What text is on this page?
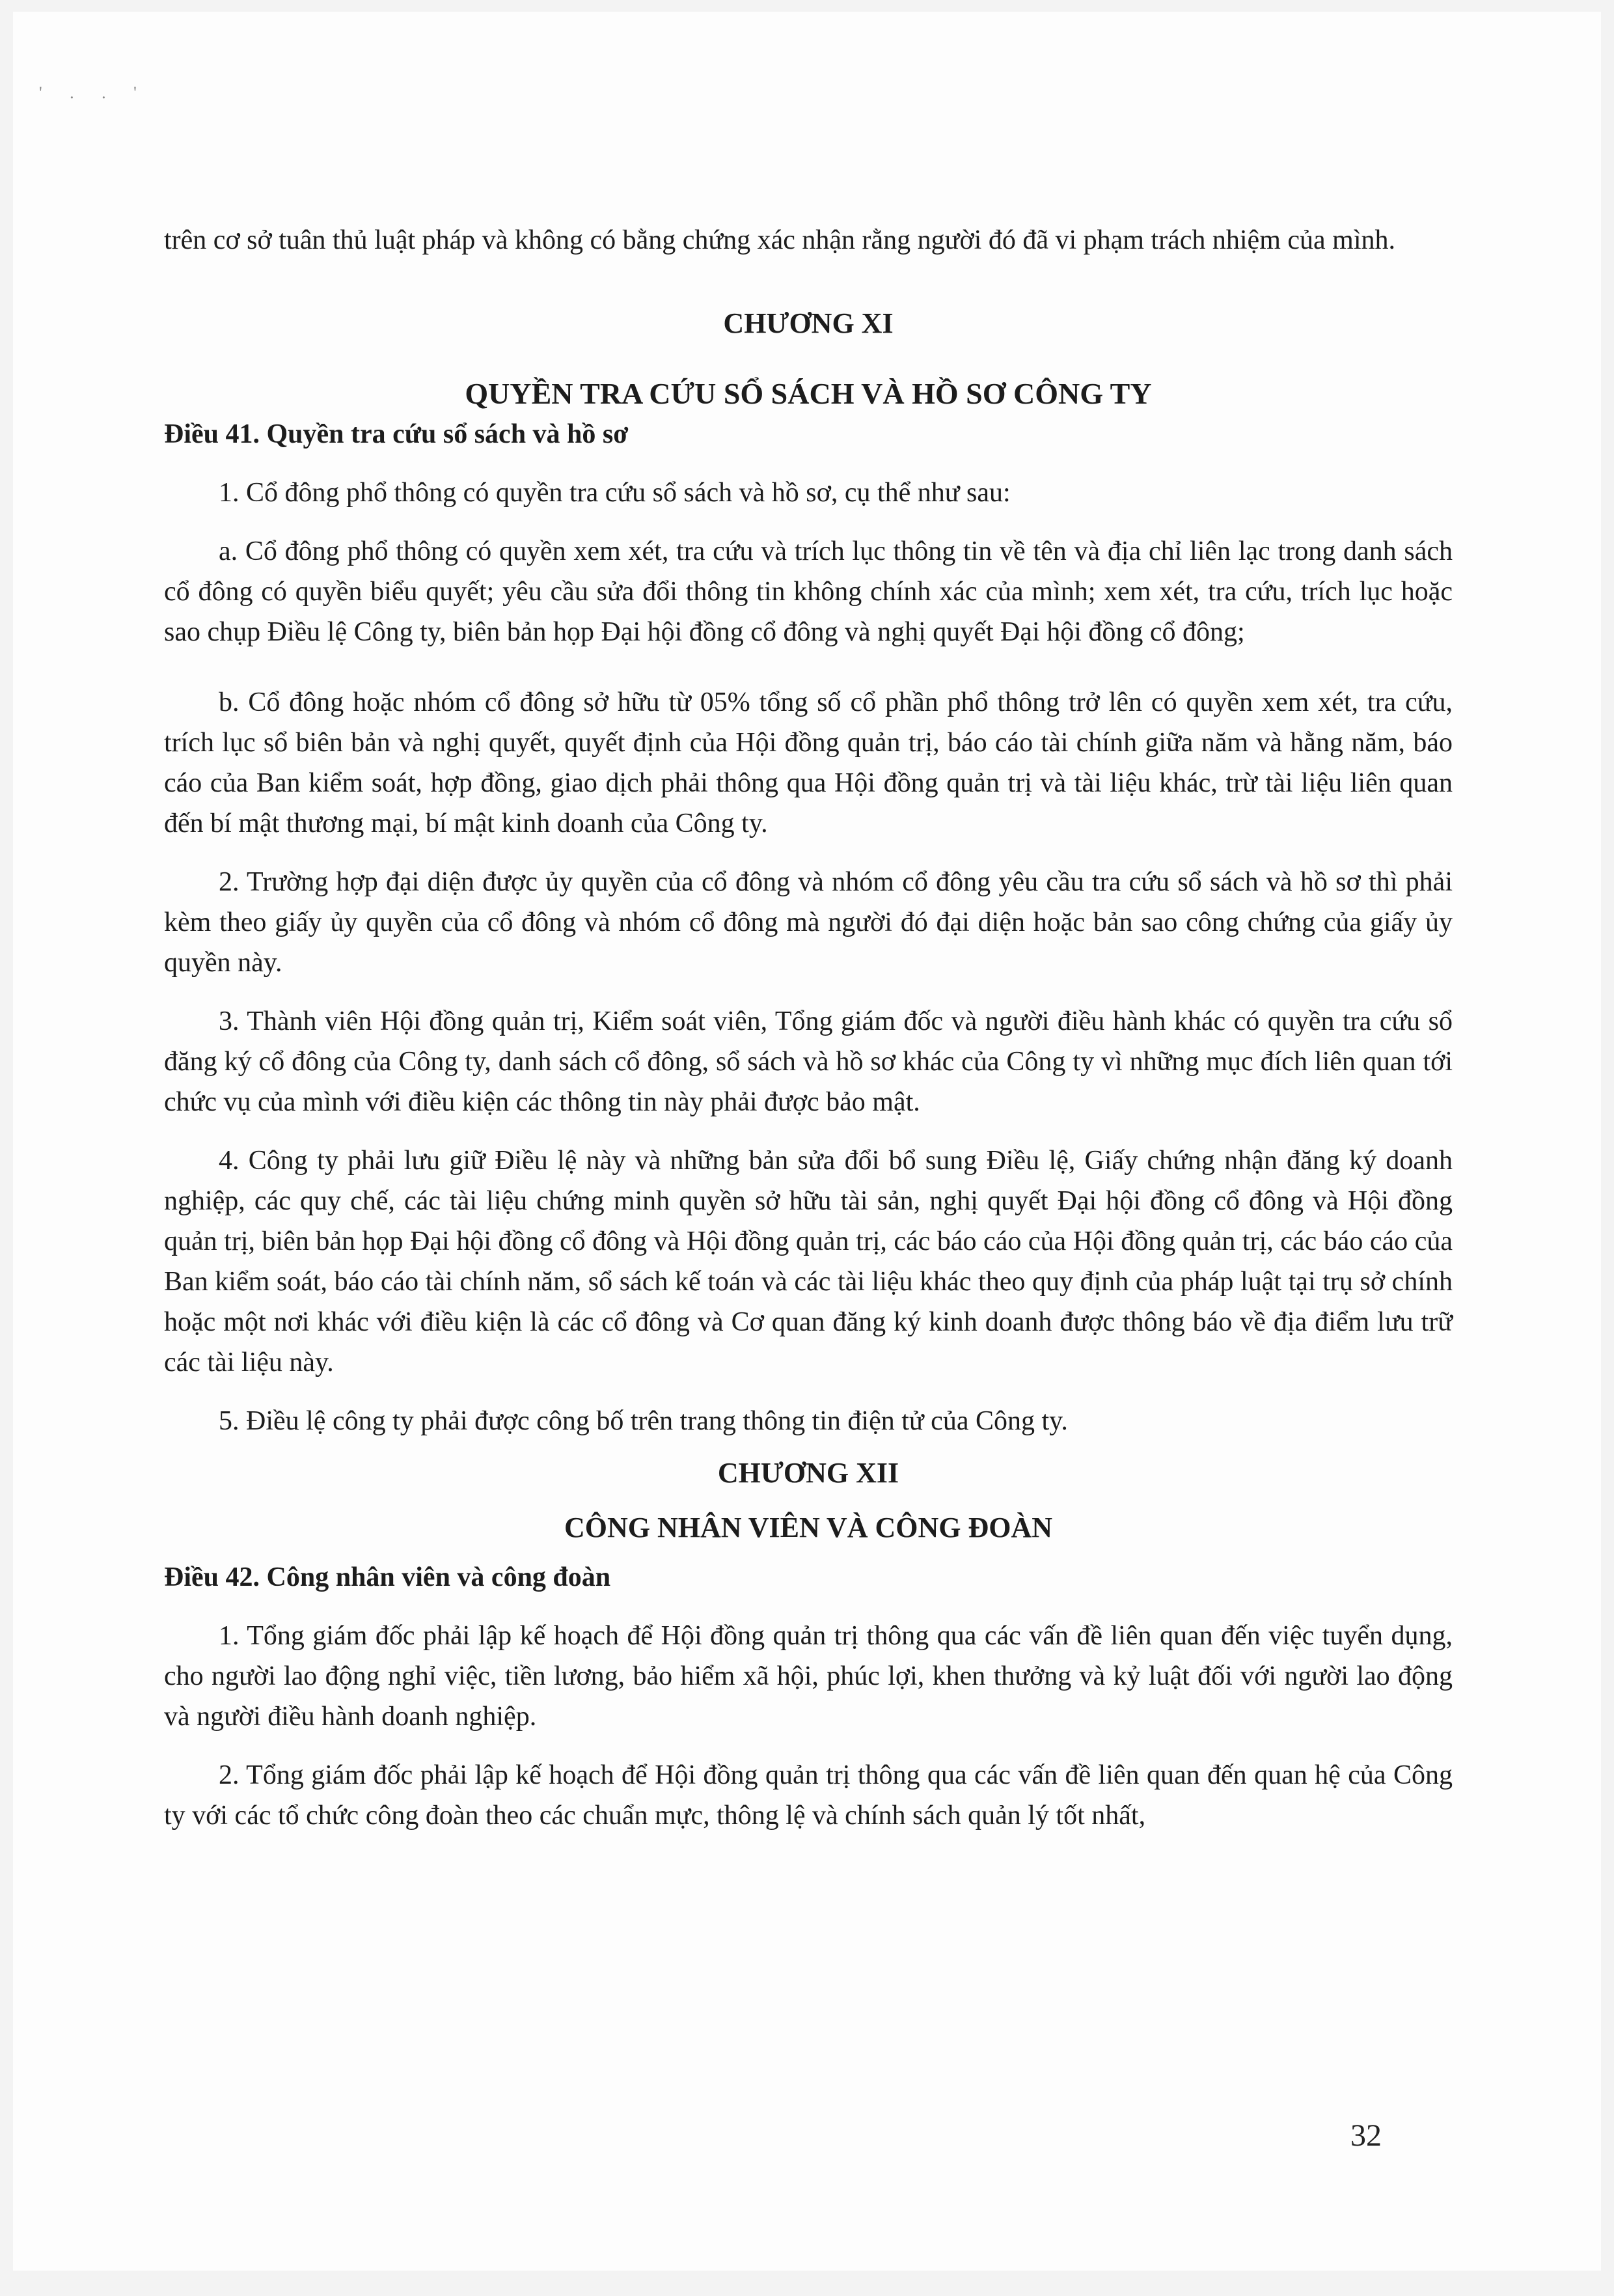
' . . '

trên cơ sở tuân thủ luật pháp và không có bằng chứng xác nhận rằng người đó đã vi phạm trách nhiệm của mình.

CHƯƠNG XI

QUYỀN TRA CỨU SỔ SÁCH VÀ HỒ SƠ CÔNG TY

Điều 41. Quyền tra cứu sổ sách và hồ sơ

1. Cổ đông phổ thông có quyền tra cứu sổ sách và hồ sơ, cụ thể như sau:

a. Cổ đông phổ thông có quyền xem xét, tra cứu và trích lục thông tin về tên và địa chỉ liên lạc trong danh sách cổ đông có quyền biểu quyết; yêu cầu sửa đổi thông tin không chính xác của mình; xem xét, tra cứu, trích lục hoặc sao chụp Điều lệ Công ty, biên bản họp Đại hội đồng cổ đông và nghị quyết Đại hội đồng cổ đông;

b. Cổ đông hoặc nhóm cổ đông sở hữu từ 05% tổng số cổ phần phổ thông trở lên có quyền xem xét, tra cứu, trích lục sổ biên bản và nghị quyết, quyết định của Hội đồng quản trị, báo cáo tài chính giữa năm và hằng năm, báo cáo của Ban kiểm soát, hợp đồng, giao dịch phải thông qua Hội đồng quản trị và tài liệu khác, trừ tài liệu liên quan đến bí mật thương mại, bí mật kinh doanh của Công ty.

2. Trường hợp đại diện được ủy quyền của cổ đông và nhóm cổ đông yêu cầu tra cứu sổ sách và hồ sơ thì phải kèm theo giấy ủy quyền của cổ đông và nhóm cổ đông mà người đó đại diện hoặc bản sao công chứng của giấy ủy quyền này.

3. Thành viên Hội đồng quản trị, Kiểm soát viên, Tổng giám đốc và người điều hành khác có quyền tra cứu sổ đăng ký cổ đông của Công ty, danh sách cổ đông, sổ sách và hồ sơ khác của Công ty vì những mục đích liên quan tới chức vụ của mình với điều kiện các thông tin này phải được bảo mật.

4. Công ty phải lưu giữ Điều lệ này và những bản sửa đổi bổ sung Điều lệ, Giấy chứng nhận đăng ký doanh nghiệp, các quy chế, các tài liệu chứng minh quyền sở hữu tài sản, nghị quyết Đại hội đồng cổ đông và Hội đồng quản trị, biên bản họp Đại hội đồng cổ đông và Hội đồng quản trị, các báo cáo của Hội đồng quản trị, các báo cáo của Ban kiểm soát, báo cáo tài chính năm, sổ sách kế toán và các tài liệu khác theo quy định của pháp luật tại trụ sở chính hoặc một nơi khác với điều kiện là các cổ đông và Cơ quan đăng ký kinh doanh được thông báo về địa điểm lưu trữ các tài liệu này.

5. Điều lệ công ty phải được công bố trên trang thông tin điện tử của Công ty.

CHƯƠNG XII

CÔNG NHÂN VIÊN VÀ CÔNG ĐOÀN

Điều 42. Công nhân viên và công đoàn

1. Tổng giám đốc phải lập kế hoạch để Hội đồng quản trị thông qua các vấn đề liên quan đến việc tuyển dụng, cho người lao động nghỉ việc, tiền lương, bảo hiểm xã hội, phúc lợi, khen thưởng và kỷ luật đối với người lao động và người điều hành doanh nghiệp.

2. Tổng giám đốc phải lập kế hoạch để Hội đồng quản trị thông qua các vấn đề liên quan đến quan hệ của Công ty với các tổ chức công đoàn theo các chuẩn mực, thông lệ và chính sách quản lý tốt nhất,

32
